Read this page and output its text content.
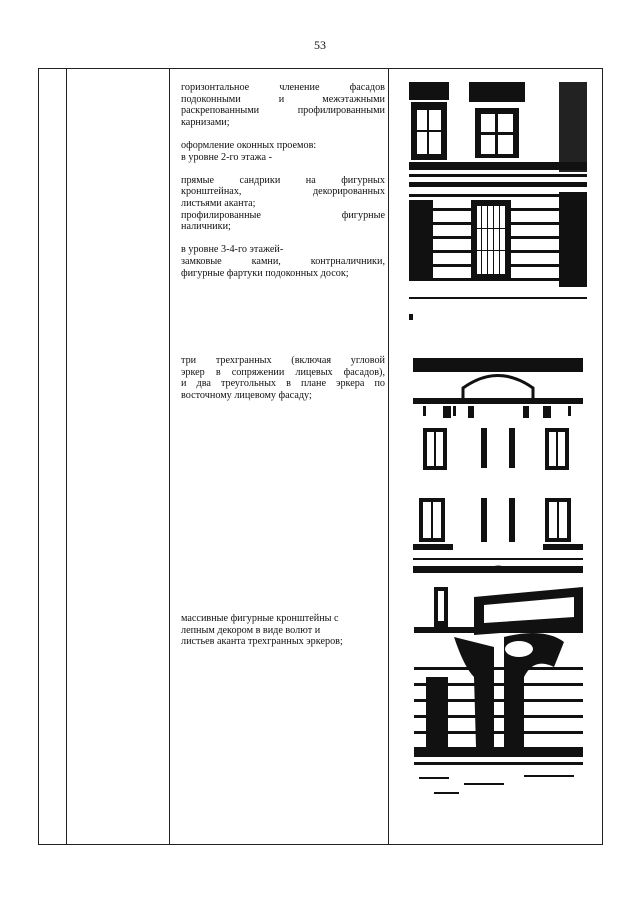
53

горизонтальное членение фасадов

подоконными и межэтажными

раскрепованными профилированными

карнизами;

оформление оконных проемов:

в уровне 2-го этажа -

прямые сандрики на фигурных

кронштейнах, декорированных

листьями аканта;

профилированные фигурные

наличники;

в уровне 3-4-го этажей-

замковые камни, контрналичники,

фигурные фартуки подоконных досок;

три трехгранных (включая угловой

эркер в сопряжении лицевых фасадов),

и два треугольных в плане эркера по

восточному лицевому фасаду;

массивные фигурные кронштейны с

лепным декором в виде волют и

листьев аканта трехгранных эркеров;
